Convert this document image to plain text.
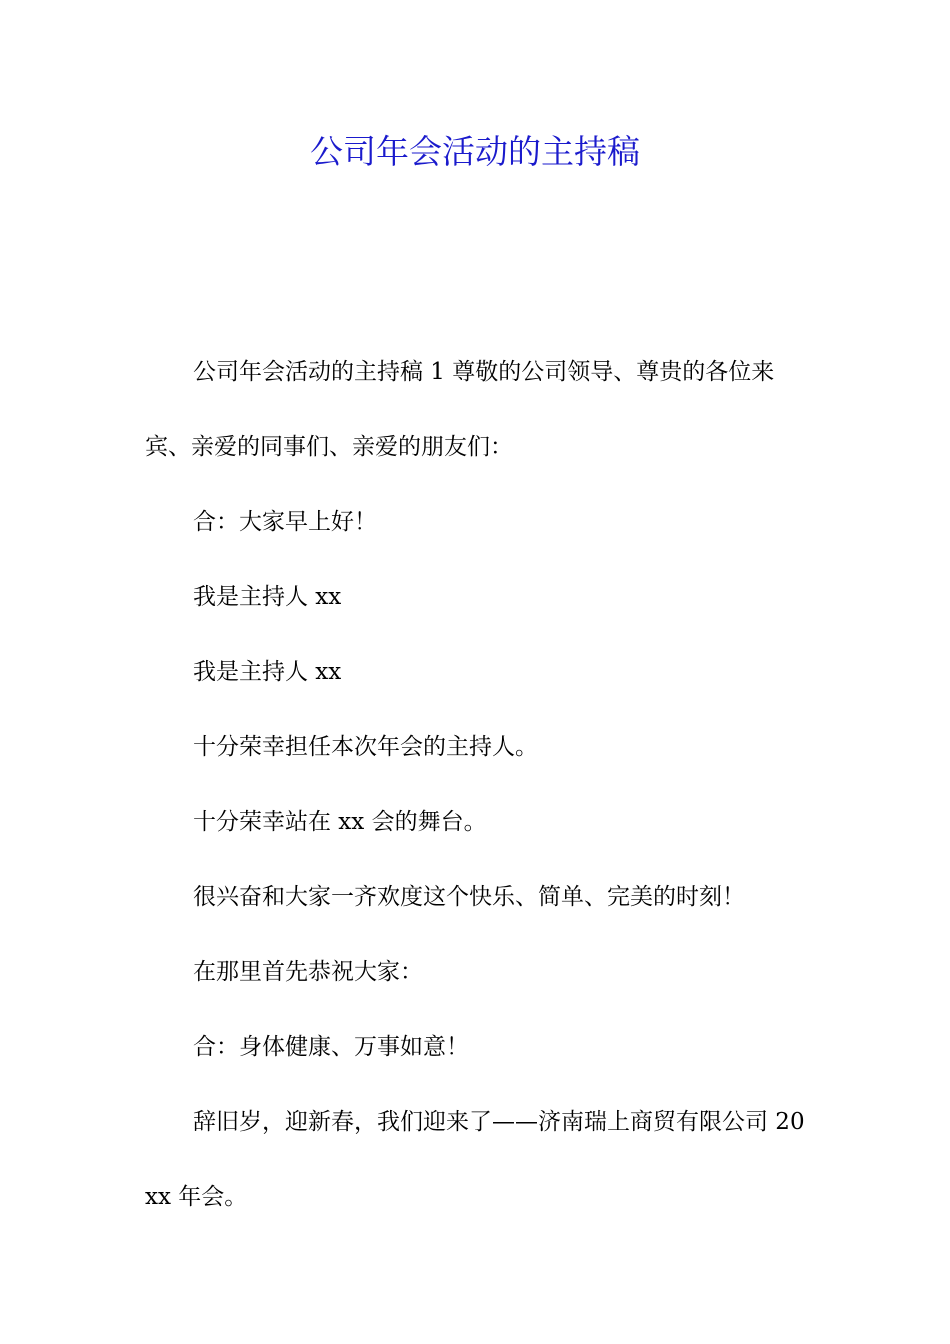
公司年会活动的主持稿

公司年会活动的主持稿 1 尊敬的公司领导、尊贵的各位来宾、亲爱的同事们、亲爱的朋友们：

合：大家早上好！

我是主持人 xx

我是主持人 xx

十分荣幸担任本次年会的主持人。

十分荣幸站在 xx 会的舞台。

很兴奋和大家一齐欢度这个快乐、简单、完美的时刻！

在那里首先恭祝大家：

合：身体健康、万事如意！

辞旧岁，迎新春，我们迎来了——济南瑞上商贸有限公司 20xx 年会。
